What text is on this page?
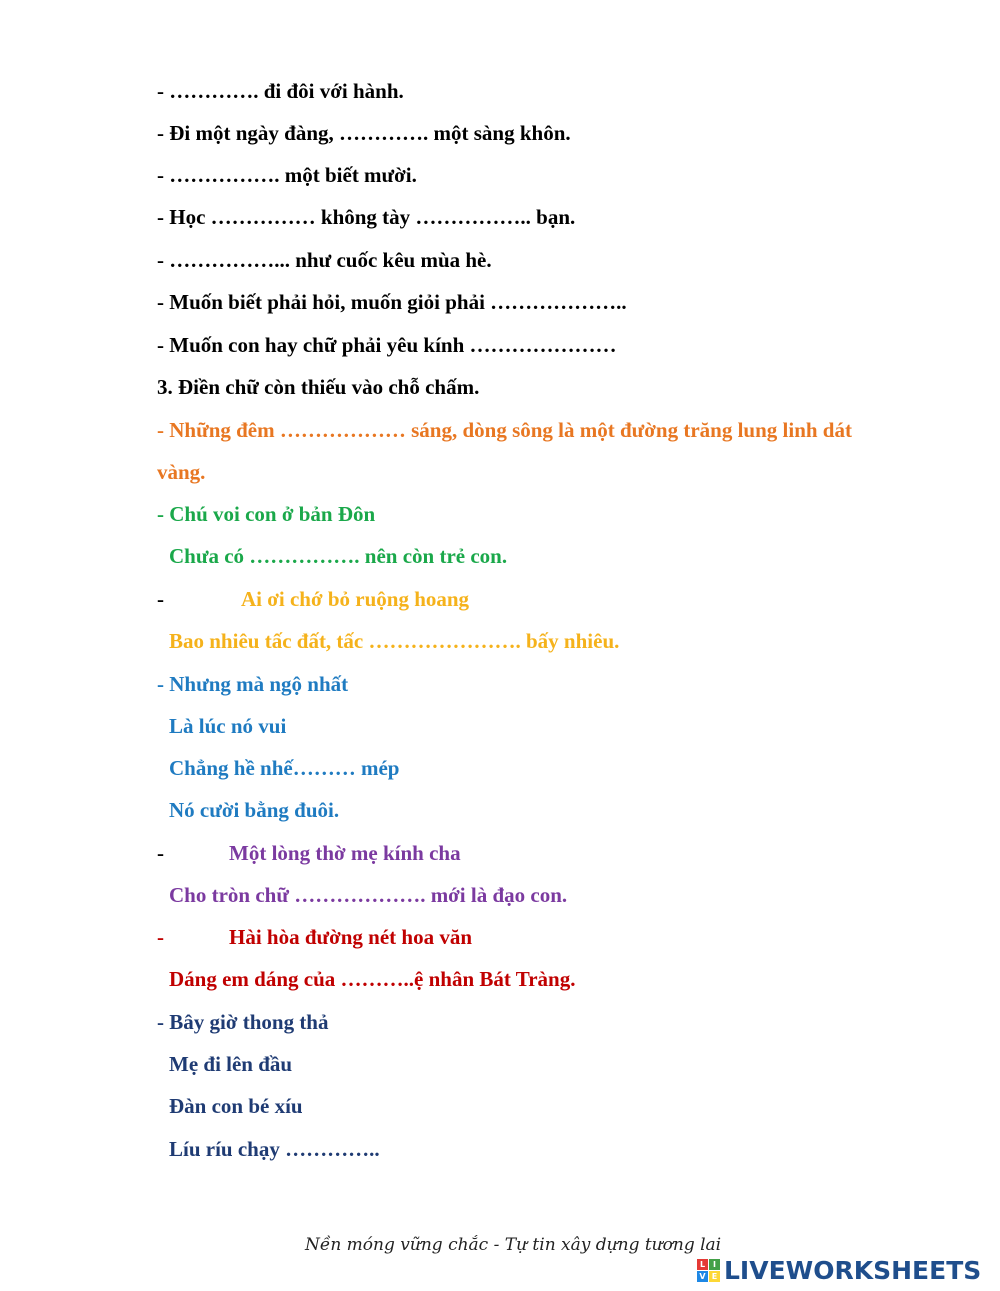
- …………. đi đôi với hành.

- Đi một ngày đàng, …………. một sàng khôn.

- ……………. một biết mười.

- Học …………… không tày …………….. bạn.

- ……………... như cuốc kêu mùa hè.

- Muốn biết phải hỏi, muốn giỏi phải ………………..

- Muốn con hay chữ phải yêu kính …………………

3. Điền chữ còn thiếu vào chỗ chấm.

- Những đêm ……………… sáng, dòng sông là một đường trăng lung linh dát

vàng.

- Chú voi con ở bản Đôn

Chưa có ……………. nên còn trẻ con.

-	Ai ơi chớ bỏ ruộng hoang

Bao nhiêu tấc đất, tấc …………………. bấy nhiêu.

- Nhưng mà ngộ nhất

Là lúc nó vui

Chẳng hề nhế……… mép

Nó cười bằng đuôi.

-	Một lòng thờ mẹ kính cha

Cho tròn chữ ………………. mới là đạo con.

-	Hài hòa đường nét hoa văn

Dáng em dáng của ………..ệ nhân Bát Tràng.

- Bây giờ thong thả

Mẹ đi lên đầu

Đàn con bé xíu

Líu ríu chạy …………..

Nền móng vững chắc - Tự tin xây dựng tương lai
L I
V E LIVEWORKSHEETS
